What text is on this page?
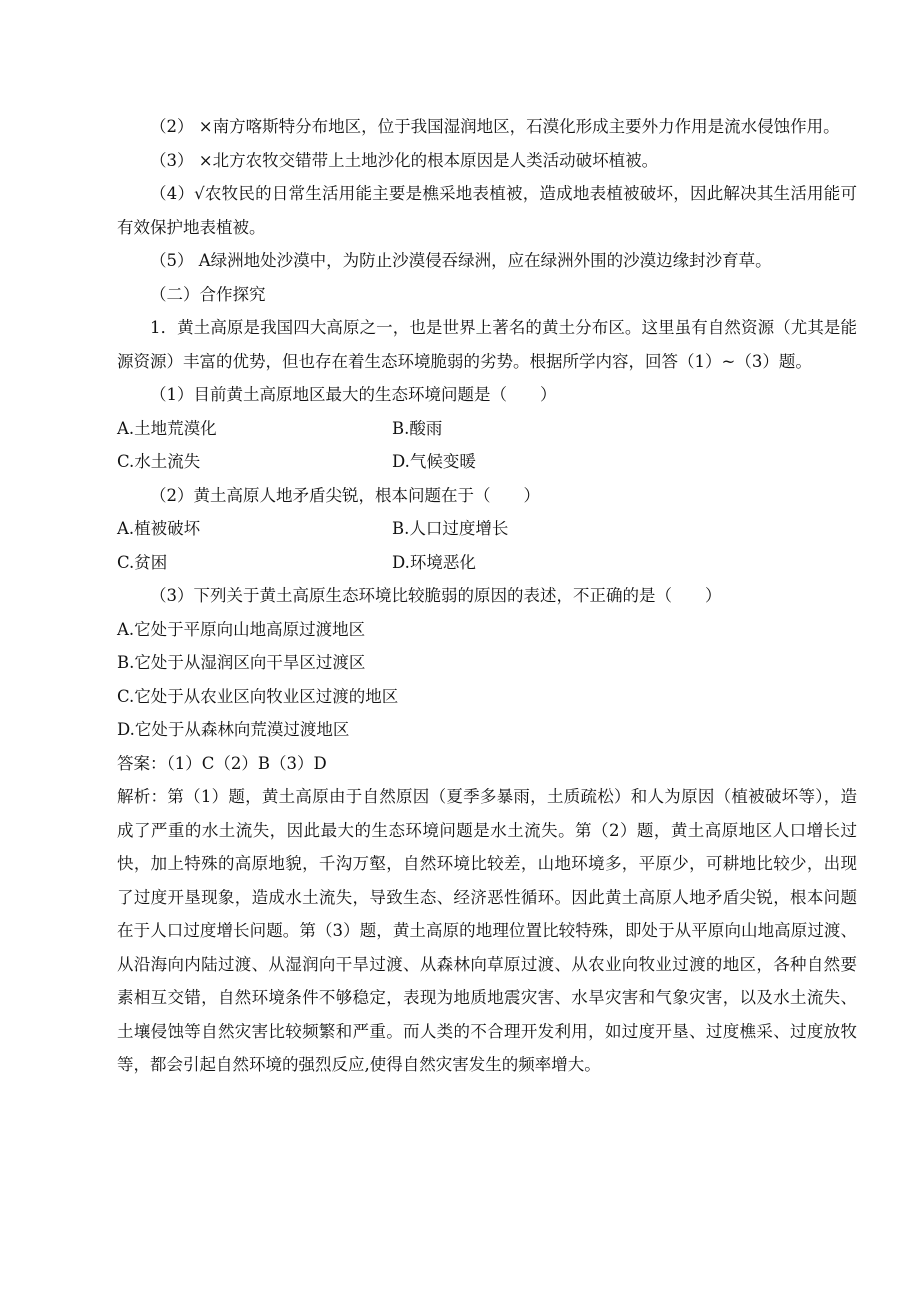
（2） ×南方喀斯特分布地区，位于我国湿润地区，石漠化形成主要外力作用是流水侵蚀作用。

（3） ×北方农牧交错带上土地沙化的根本原因是人类活动破坏植被。

（4）√农牧民的日常生活用能主要是樵采地表植被，造成地表植被破坏，因此解决其生活用能可有效保护地表植被。

（5） A绿洲地处沙漠中，为防止沙漠侵吞绿洲，应在绿洲外围的沙漠边缘封沙育草。

（二）合作探究

1．黄土高原是我国四大高原之一，也是世界上著名的黄土分布区。这里虽有自然资源（尤其是能源资源）丰富的优势，但也存在着生态环境脆弱的劣势。根据所学内容，回答（1）~（3）题。

（1）目前黄土高原地区最大的生态环境问题是（　　）

A.土地荒漠化	B.酸雨
C.水土流失	D.气候变暖

（2）黄土高原人地矛盾尖锐，根本问题在于（　　）

A.植被破坏	B.人口过度增长
C.贫困	D.环境恶化

（3）下列关于黄土高原生态环境比较脆弱的原因的表述，不正确的是（　　）

A.它处于平原向山地高原过渡地区

B.它处于从湿润区向干旱区过渡区

C.它处于从农业区向牧业区过渡的地区

D.它处于从森林向荒漠过渡地区

答案：（1）C（2）B（3）D

解析：第（1）题，黄土高原由于自然原因（夏季多暴雨，土质疏松）和人为原因（植被破坏等），造成了严重的水土流失，因此最大的生态环境问题是水土流失。第（2）题，黄土高原地区人口增长过快，加上特殊的高原地貌，千沟万壑，自然环境比较差，山地环境多，平原少，可耕地比较少，出现了过度开垦现象，造成水土流失，导致生态、经济恶性循环。因此黄土高原人地矛盾尖锐，根本问题在于人口过度增长问题。第（3）题，黄土高原的地理位置比较特殊，即处于从平原向山地高原过渡、从沿海向内陆过渡、从湿润向干旱过渡、从森林向草原过渡、从农业向牧业过渡的地区，各种自然要素相互交错，自然环境条件不够稳定，表现为地质地震灾害、水旱灾害和气象灾害，以及水土流失、土壤侵蚀等自然灾害比较频繁和严重。而人类的不合理开发利用，如过度开垦、过度樵采、过度放牧等，都会引起自然环境的强烈反应,使得自然灾害发生的频率增大。
